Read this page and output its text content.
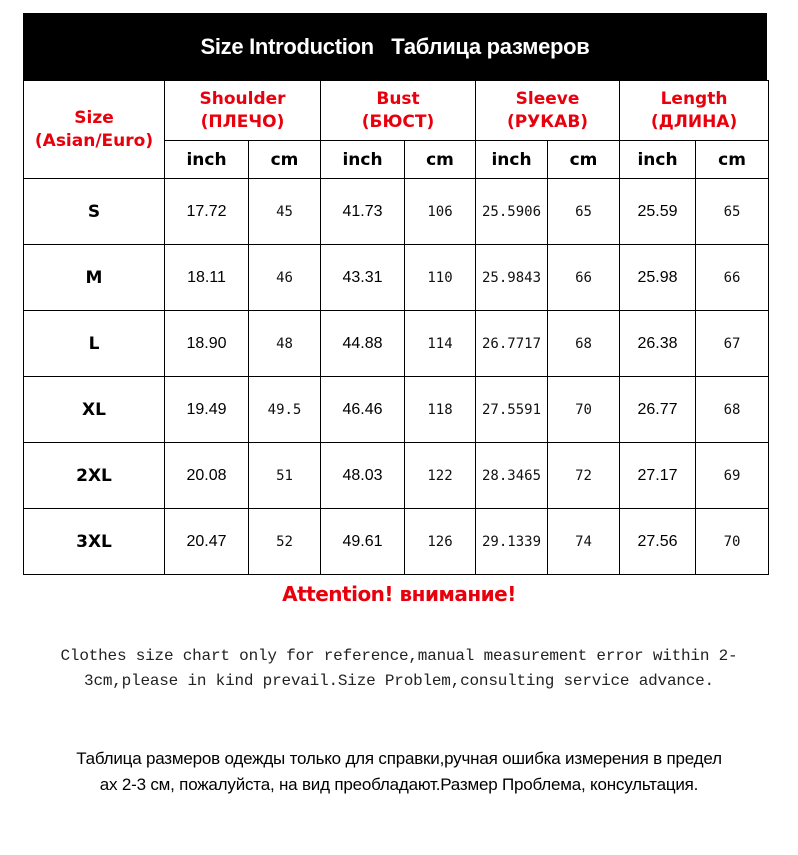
Size Introduction
Таблица размеров
Size
(Asian/Euro)

Shoulder
(ПЛЕЧО)

Bust
(БЮСТ)

Sleeve
(РУКАВ)

Length
(ДЛИНА)

	inch	cm	inch	cm	inch	cm	inch	cm
S	17.72	45	41.73	106	25.5906	65	25.59	65
M	18.11	46	43.31	110	25.9843	66	25.98	66
L	18.90	48	44.88	114	26.7717	68	26.38	67
XL	19.49	49.5	46.46	118	27.5591	70	26.77	68
2XL	20.08	51	48.03	122	28.3465	72	27.17	69
3XL	20.47	52	49.61	126	29.1339	74	27.56	70
Attention! внимание!
Clothes size chart only for reference,manual measurement error within 2-
3cm,please in kind prevail.Size Problem,consulting service advance.
Таблица размеров одежды только для справки,ручная ошибка измерения в предел
ах 2-3 см, пожалуйста, на вид преобладают.Размер Проблема, консультация.
